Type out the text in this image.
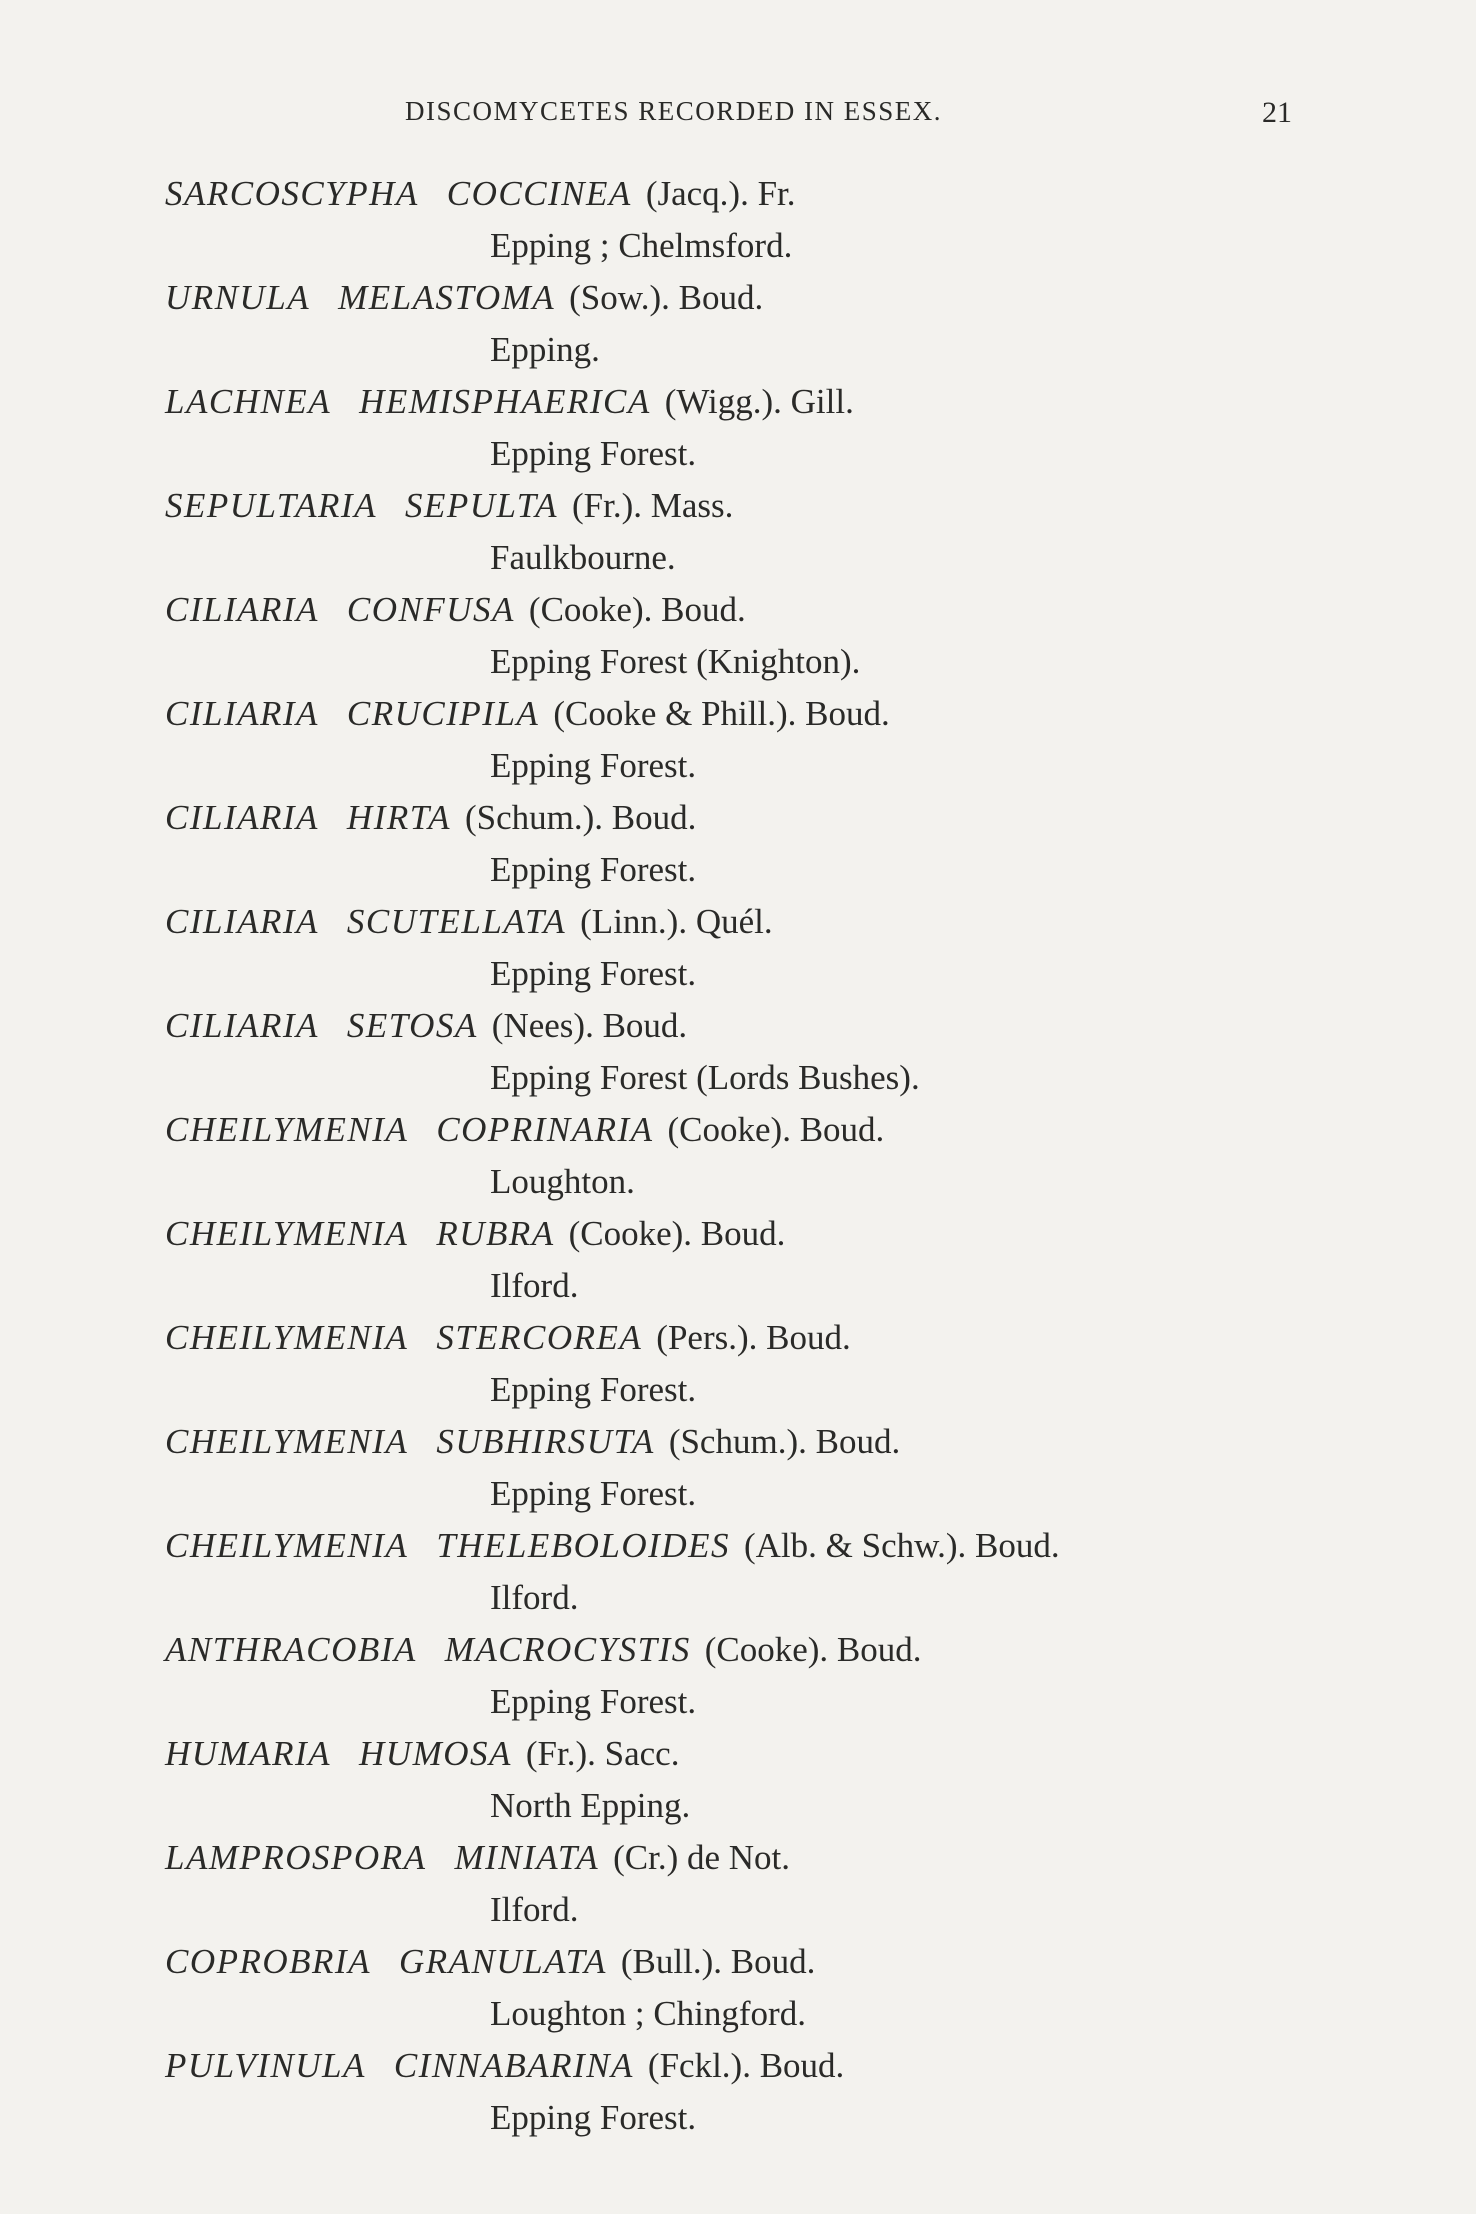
DISCOMYCETES RECORDED IN ESSEX.	21
SARCOSCYPHA COCCINEA (Jacq.). Fr.
Epping ; Chelmsford.
URNULA MELASTOMA (Sow.). Boud.
Epping.
LACHNEA HEMISPHAERICA (Wigg.). Gill.
Epping Forest.
SEPULTARIA SEPULTA (Fr.). Mass.
Faulkbourne.
CILIARIA CONFUSA (Cooke). Boud.
Epping Forest (Knighton).
CILIARIA CRUCIPILA (Cooke & Phill.). Boud.
Epping Forest.
CILIARIA HIRTA (Schum.). Boud.
Epping Forest.
CILIARIA SCUTELLATA (Linn.). Quél.
Epping Forest.
CILIARIA SETOSA (Nees). Boud.
Epping Forest (Lords Bushes).
CHEILYMENIA COPRINARIA (Cooke). Boud.
Loughton.
CHEILYMENIA RUBRA (Cooke). Boud.
Ilford.
CHEILYMENIA STERCOREA (Pers.). Boud.
Epping Forest.
CHEILYMENIA SUBHIRSUTA (Schum.). Boud.
Epping Forest.
CHEILYMENIA THELEBOLOIDES (Alb. & Schw.). Boud.
Ilford.
ANTHRACOBIA MACROCYSTIS (Cooke). Boud.
Epping Forest.
HUMARIA HUMOSA (Fr.). Sacc.
North Epping.
LAMPROSPORA MINIATA (Cr.) de Not.
Ilford.
COPROBRIA GRANULATA (Bull.). Boud.
Loughton ; Chingford.
PULVINULA CINNABARINA (Fckl.). Boud.
Epping Forest.
